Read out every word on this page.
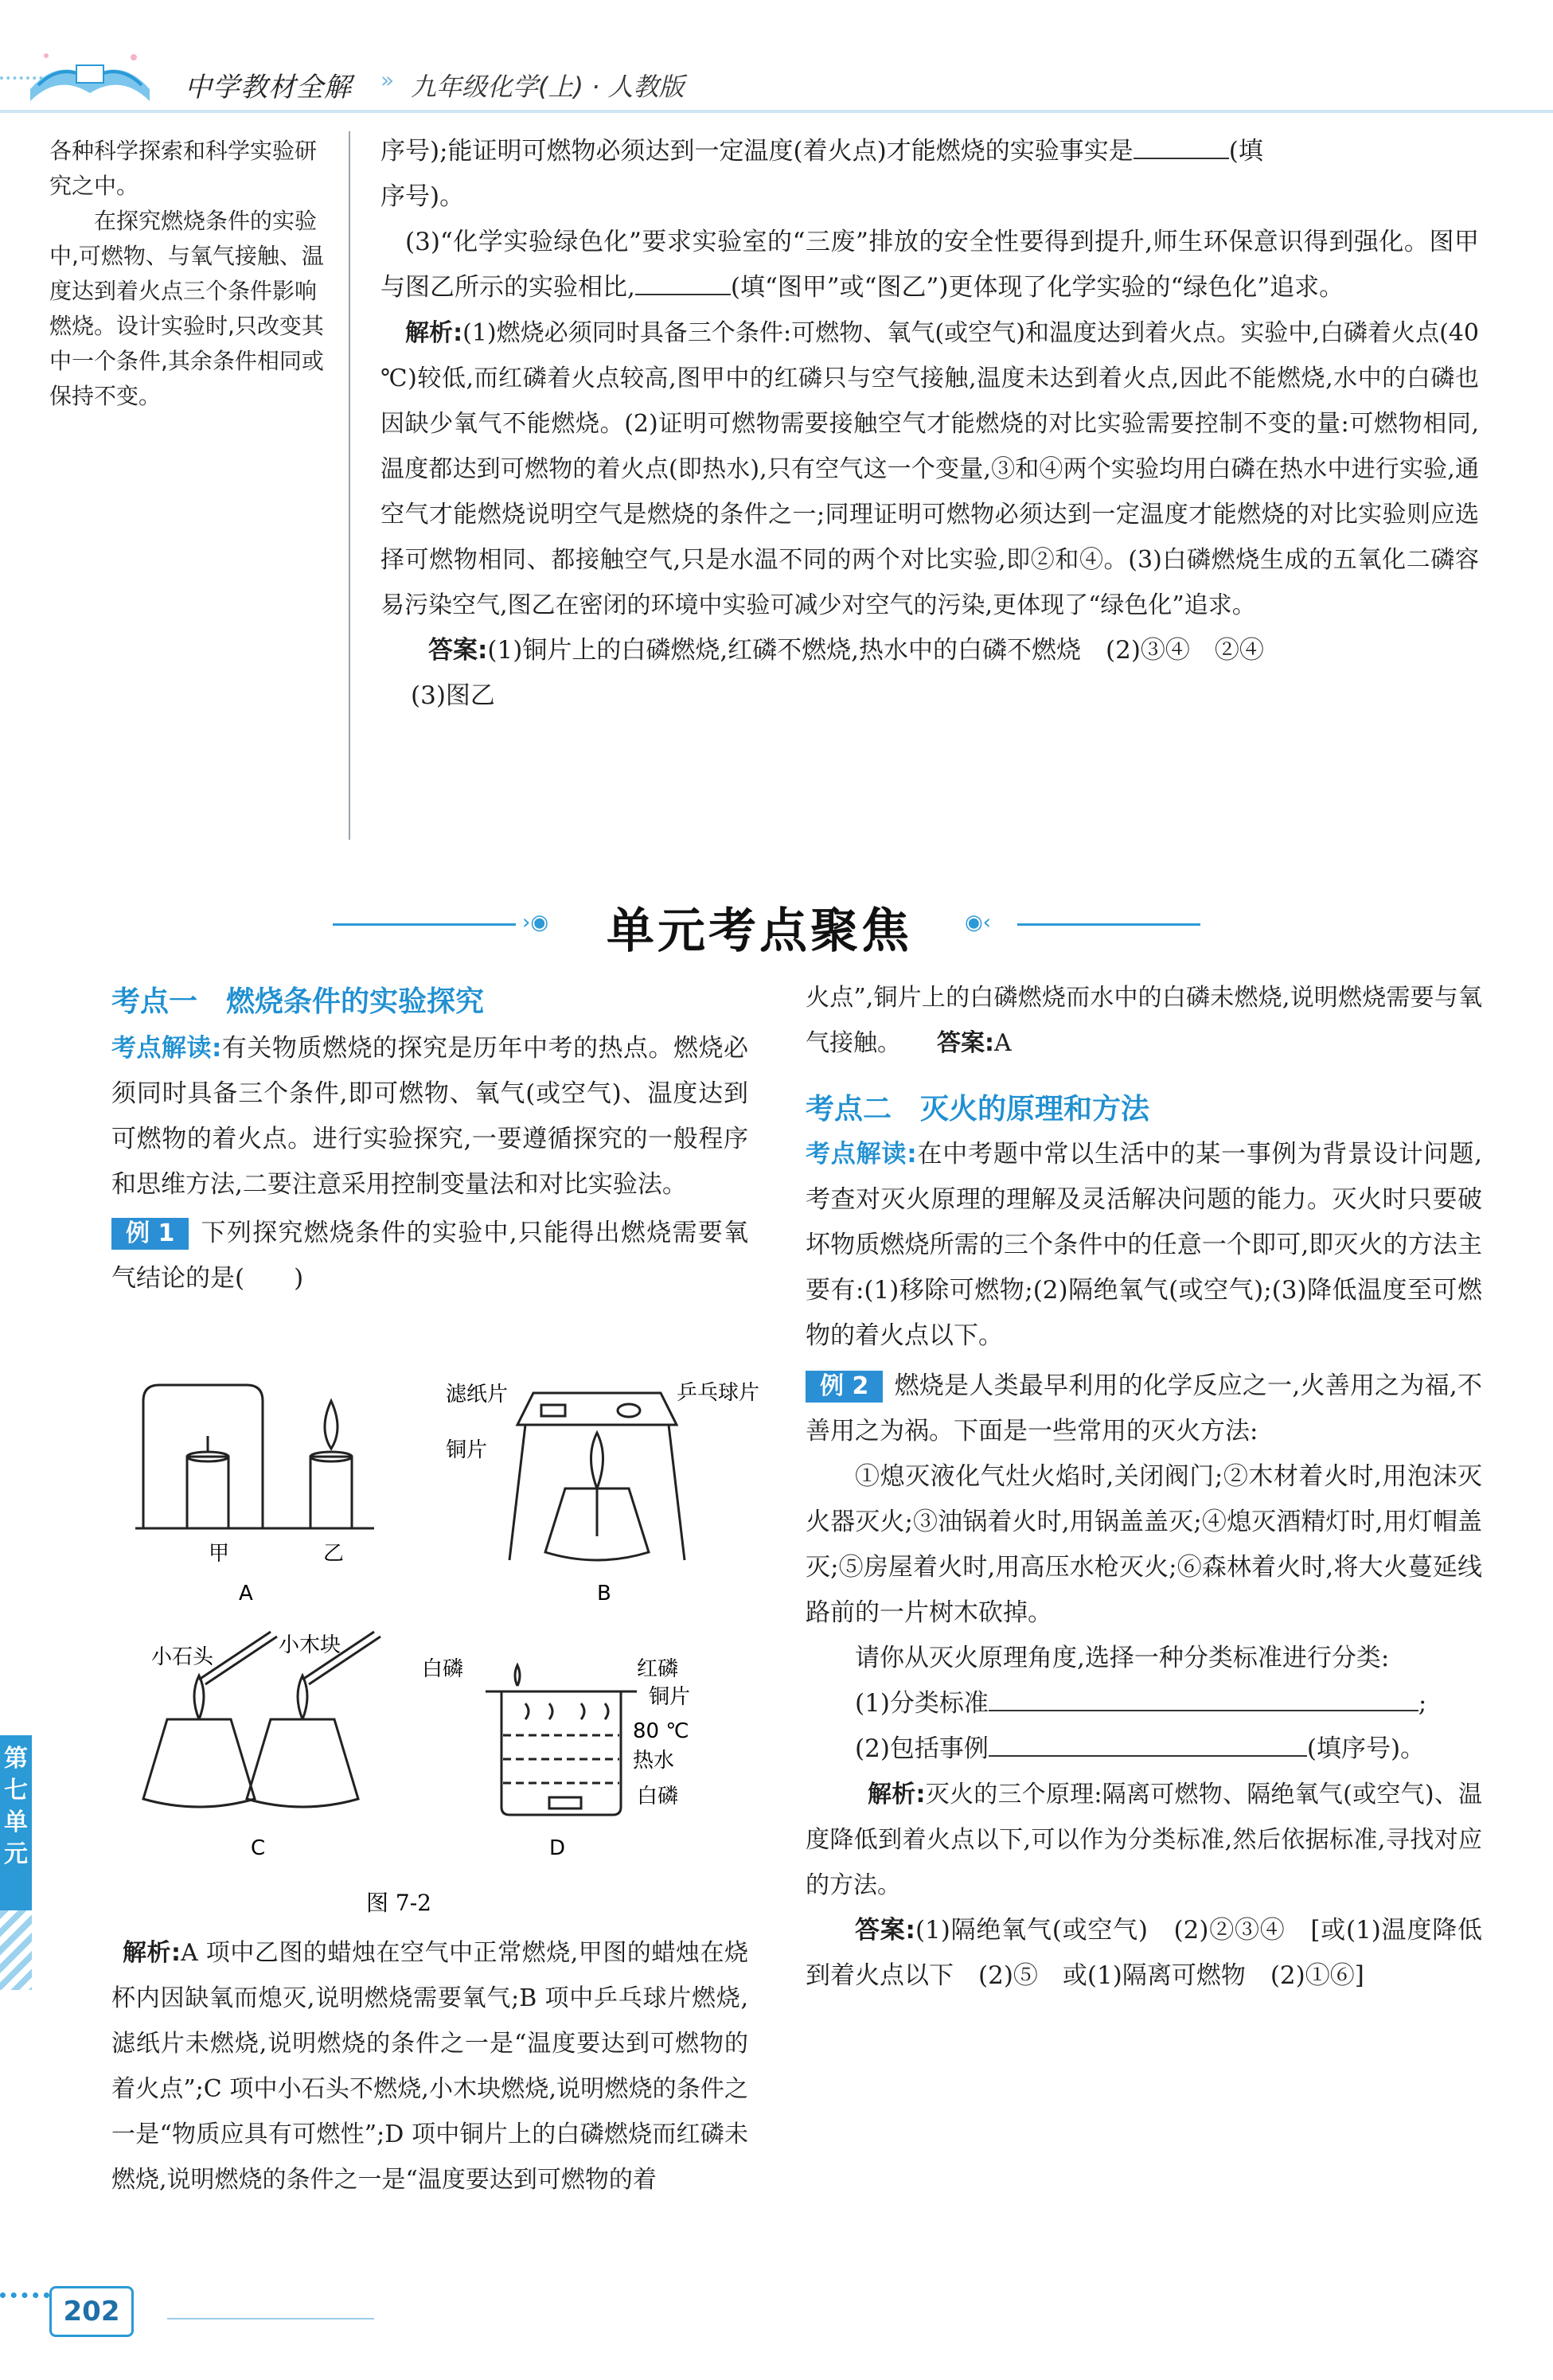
中学教材全解 » 九年级化学(上) · 人教版

各种科学探索和科学实验研究之中。

在探究燃烧条件的实验中,可燃物、与氧气接触、温度达到着火点三个条件影响燃烧。设计实验时,只改变其中一个条件,其余条件相同或保持不变。

序号);能证明可燃物必须达到一定温度(着火点)才能燃烧的实验事实是	(填

序号)。

(3)“化学实验绿色化”要求实验室的“三废”排放的安全性要得到提升,师生环保意识得到强化。图甲与图乙所示的实验相比,	(填“图甲”或“图乙”)更体现了化学实验的“绿色化”追求。

解析:(1)燃烧必须同时具备三个条件:可燃物、氧气(或空气)和温度达到着火点。实验中,白磷着火点(40 ℃)较低,而红磷着火点较高,图甲中的红磷只与空气接触,温度未达到着火点,因此不能燃烧,水中的白磷也因缺少氧气不能燃烧。(2)证明可燃物需要接触空气才能燃烧的对比实验需要控制不变的量:可燃物相同,温度都达到可燃物的着火点(即热水),只有空气这一个变量,③和④两个实验均用白磷在热水中进行实验,通空气才能燃烧说明空气是燃烧的条件之一;同理证明可燃物必须达到一定温度才能燃烧的对比实验则应选择可燃物相同、都接触空气,只是水温不同的两个对比实验,即②和④。(3)白磷燃烧生成的五氧化二磷容易污染空气,图乙在密闭的环境中实验可减少对空气的污染,更体现了“绿色化”追求。

答案:(1)铜片上的白磷燃烧,红磷不燃烧,热水中的白磷不燃烧　(2)③④　②④

(3)图乙

›◉ 单元考点聚焦	◉‹
考点一　燃烧条件的实验探究

考点解读:有关物质燃烧的探究是历年中考的热点。燃烧必须同时具备三个条件,即可燃物、氧气(或空气)、温度达到可燃物的着火点。进行实验探究,一要遵循探究的一般程序和思维方法,二要注意采用控制变量法和对比实验法。

例 1 下列探究燃烧条件的实验中,只能得出燃烧需要氧气结论的是(　　)

甲	乙
A
滤纸片	乒乓球片
铜片
B
小石头	小木块
C
白磷	红磷
铜片
80 ℃
热水
白磷
D
图 7-2

解析:A 项中乙图的蜡烛在空气中正常燃烧,甲图的蜡烛在烧杯内因缺氧而熄灭,说明燃烧需要氧气;B 项中乒乓球片燃烧,滤纸片未燃烧,说明燃烧的条件之一是“温度要达到可燃物的着火点”;C 项中小石头不燃烧,小木块燃烧,说明燃烧的条件之一是“物质应具有可燃性”;D 项中铜片上的白磷燃烧而红磷未燃烧,说明燃烧的条件之一是“温度要达到可燃物的着

火点”,铜片上的白磷燃烧而水中的白磷未燃烧,说明燃烧需要与氧气接触。　　 答案:A

考点二　灭火的原理和方法

考点解读:在中考题中常以生活中的某一事例为背景设计问题,考查对灭火原理的理解及灵活解决问题的能力。灭火时只要破坏物质燃烧所需的三个条件中的任意一个即可,即灭火的方法主要有:(1)移除可燃物;(2)隔绝氧气(或空气);(3)降低温度至可燃物的着火点以下。

例 2 燃烧是人类最早利用的化学反应之一,火善用之为福,不善用之为祸。下面是一些常用的灭火方法:

①熄灭液化气灶火焰时,关闭阀门;②木材着火时,用泡沫灭火器灭火;③油锅着火时,用锅盖盖灭;④熄灭酒精灯时,用灯帽盖灭;⑤房屋着火时,用高压水枪灭火;⑥森林着火时,将大火蔓延线路前的一片树木砍掉。

请你从灭火原理角度,选择一种分类标准进行分类:

(1)分类标准	;

(2)包括事例	(填序号)。

解析:灭火的三个原理:隔离可燃物、隔绝氧气(或空气)、温度降低到着火点以下,可以作为分类标准,然后依据标准,寻找对应的方法。

答案:(1)隔绝氧气(或空气)　(2)②③④　[或(1)温度降低到着火点以下　(2)⑤　或(1)隔离可燃物　(2)①⑥]

第七单元
202
